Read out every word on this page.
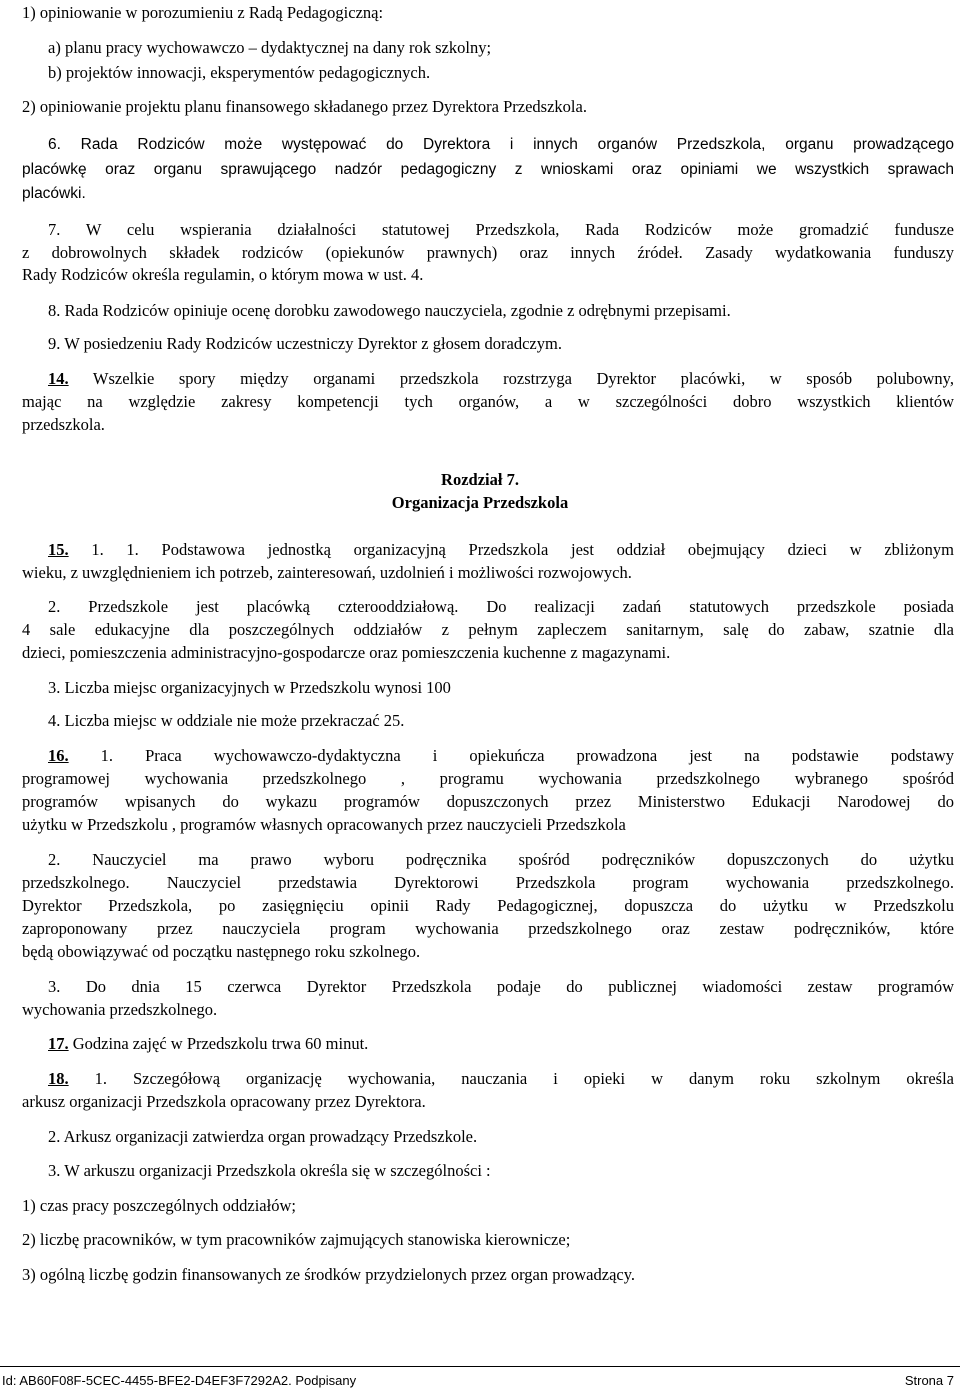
1) opiniowanie w porozumieniu z Radą Pedagogiczną:
a) planu pracy wychowawczo – dydaktycznej na dany rok szkolny;
b) projektów innowacji, eksperymentów pedagogicznych.
2) opiniowanie projektu planu finansowego składanego przez Dyrektora Przedszkola.
6. Rada Rodziców może występować do Dyrektora i innych organów Przedszkola, organu prowadzącego
placówkę oraz organu sprawującego nadzór pedagogiczny z wnioskami oraz opiniami we wszystkich sprawach
placówki.
7. W celu wspierania działalności statutowej Przedszkola, Rada Rodziców może gromadzić fundusze
z dobrowolnych składek rodziców (opiekunów prawnych) oraz innych źródeł. Zasady wydatkowania funduszy
Rady Rodziców określa regulamin, o którym mowa w ust. 4.
8. Rada Rodziców opiniuje ocenę dorobku zawodowego nauczyciela, zgodnie z odrębnymi przepisami.
9. W posiedzeniu Rady Rodziców uczestniczy Dyrektor z głosem doradczym.
14. Wszelkie spory między organami przedszkola rozstrzyga Dyrektor placówki, w sposób polubowny,
mając na względzie zakresy kompetencji tych organów, a w szczególności dobro wszystkich klientów
przedszkola.
Rozdział 7.
Organizacja Przedszkola
15. 1. 1. Podstawowa jednostką organizacyjną Przedszkola jest oddział obejmujący dzieci w zbliżonym
wieku, z uwzględnieniem ich potrzeb, zainteresowań, uzdolnień i możliwości rozwojowych.
2. Przedszkole jest placówką czterooddziałową. Do realizacji zadań statutowych przedszkole posiada
4 sale edukacyjne dla poszczególnych oddziałów z pełnym zapleczem sanitarnym, salę do zabaw, szatnie dla
dzieci, pomieszczenia administracyjno-gospodarcze oraz pomieszczenia kuchenne z magazynami.
3. Liczba miejsc organizacyjnych w Przedszkolu wynosi 100
4. Liczba miejsc w oddziale nie może przekraczać 25.
16. 1. Praca wychowawczo-dydaktyczna i opiekuńcza prowadzona jest na podstawie podstawy
programowej wychowania przedszkolnego , programu wychowania przedszkolnego wybranego spośród
programów wpisanych do wykazu programów dopuszczonych przez Ministerstwo Edukacji Narodowej do
użytku w Przedszkolu , programów własnych opracowanych przez nauczycieli Przedszkola
2. Nauczyciel ma prawo wyboru podręcznika spośród podręczników dopuszczonych do użytku
przedszkolnego. Nauczyciel przedstawia Dyrektorowi Przedszkola program wychowania przedszkolnego.
Dyrektor Przedszkola, po zasięgnięciu opinii Rady Pedagogicznej, dopuszcza do użytku w Przedszkolu
zaproponowany przez nauczyciela program wychowania przedszkolnego oraz zestaw podręczników, które
będą obowiązywać od początku następnego roku szkolnego.
3. Do dnia 15 czerwca Dyrektor Przedszkola podaje do publicznej wiadomości zestaw programów
wychowania przedszkolnego.
17. Godzina zajęć w Przedszkolu trwa 60 minut.
18. 1. Szczegółową organizację wychowania, nauczania i opieki w danym roku szkolnym określa
arkusz organizacji Przedszkola opracowany przez Dyrektora.
2. Arkusz organizacji zatwierdza organ prowadzący Przedszkole.
3. W arkuszu organizacji Przedszkola określa się w szczególności :
1) czas pracy poszczególnych oddziałów;
2) liczbę pracowników, w tym pracowników zajmujących stanowiska kierownicze;
3) ogólną liczbę godzin finansowanych ze środków przydzielonych przez organ prowadzący.
Id: AB60F08F-5CEC-4455-BFE2-D4EF3F7292A2. Podpisany	Strona 7
